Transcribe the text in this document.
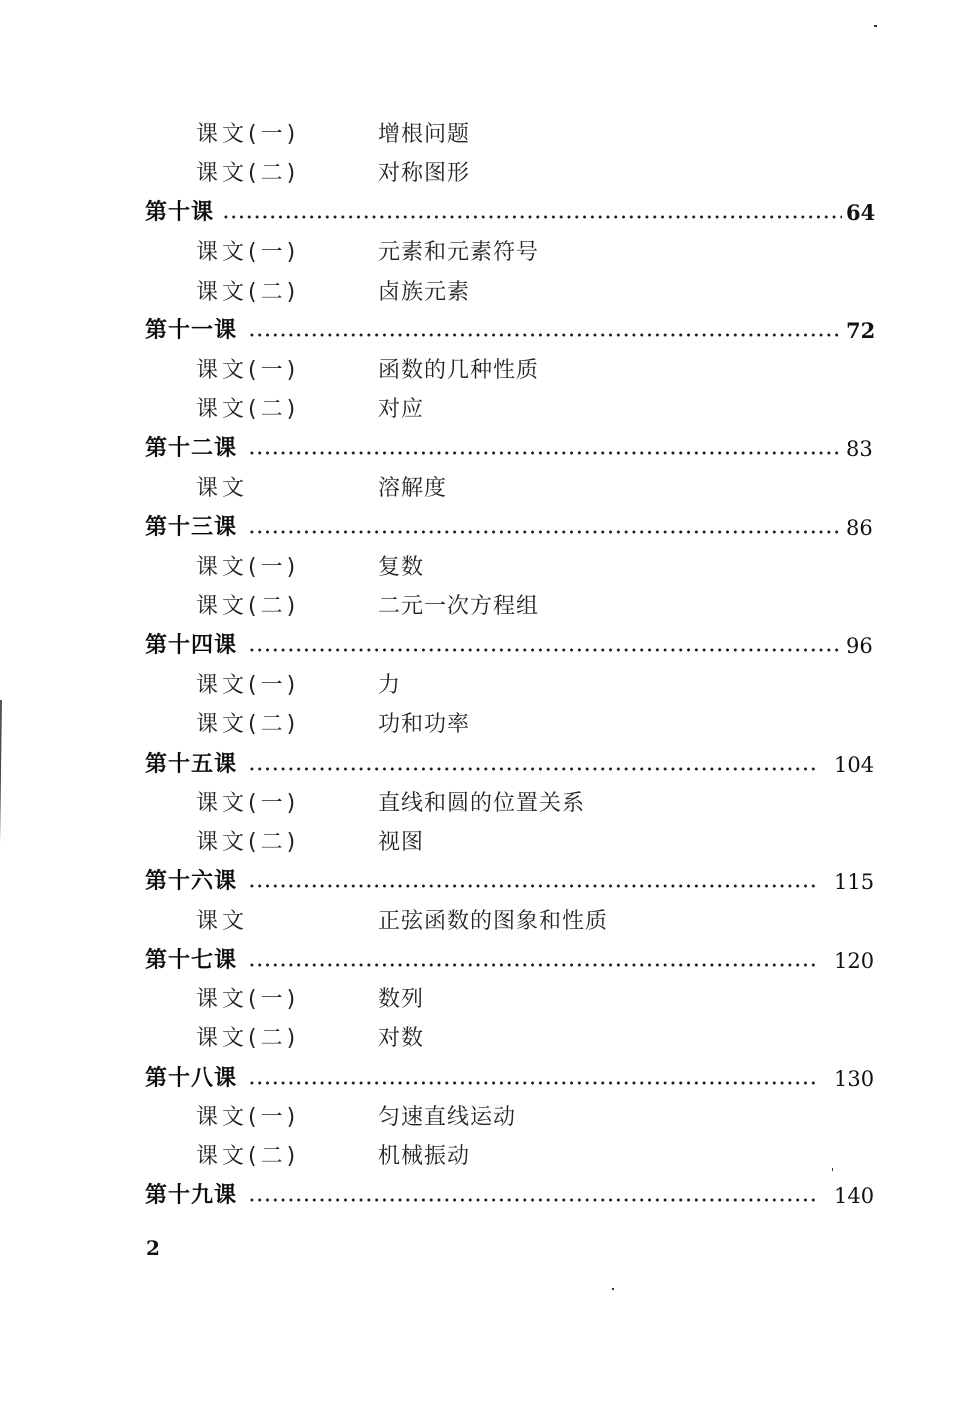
课文(一)	增根问题
课文(二)	对称图形
第十课	64
课文(一)	元素和元素符号
课文(二)	卤族元素
第十一课	72
课文(一)	函数的几种性质
课文(二)	对应
第十二课	83
课文	溶解度
第十三课	86
课文(一)	复数
课文(二)	二元一次方程组
第十四课	96
课文(一)	力
课文(二)	功和功率
第十五课	104
课文(一)	直线和圆的位置关系
课文(二)	视图
第十六课	115
课文	正弦函数的图象和性质
第十七课	120
课文(一)	数列
课文(二)	对数
第十八课	130
课文(一)	匀速直线运动
课文(二)	机械振动
第十九课	140
2
